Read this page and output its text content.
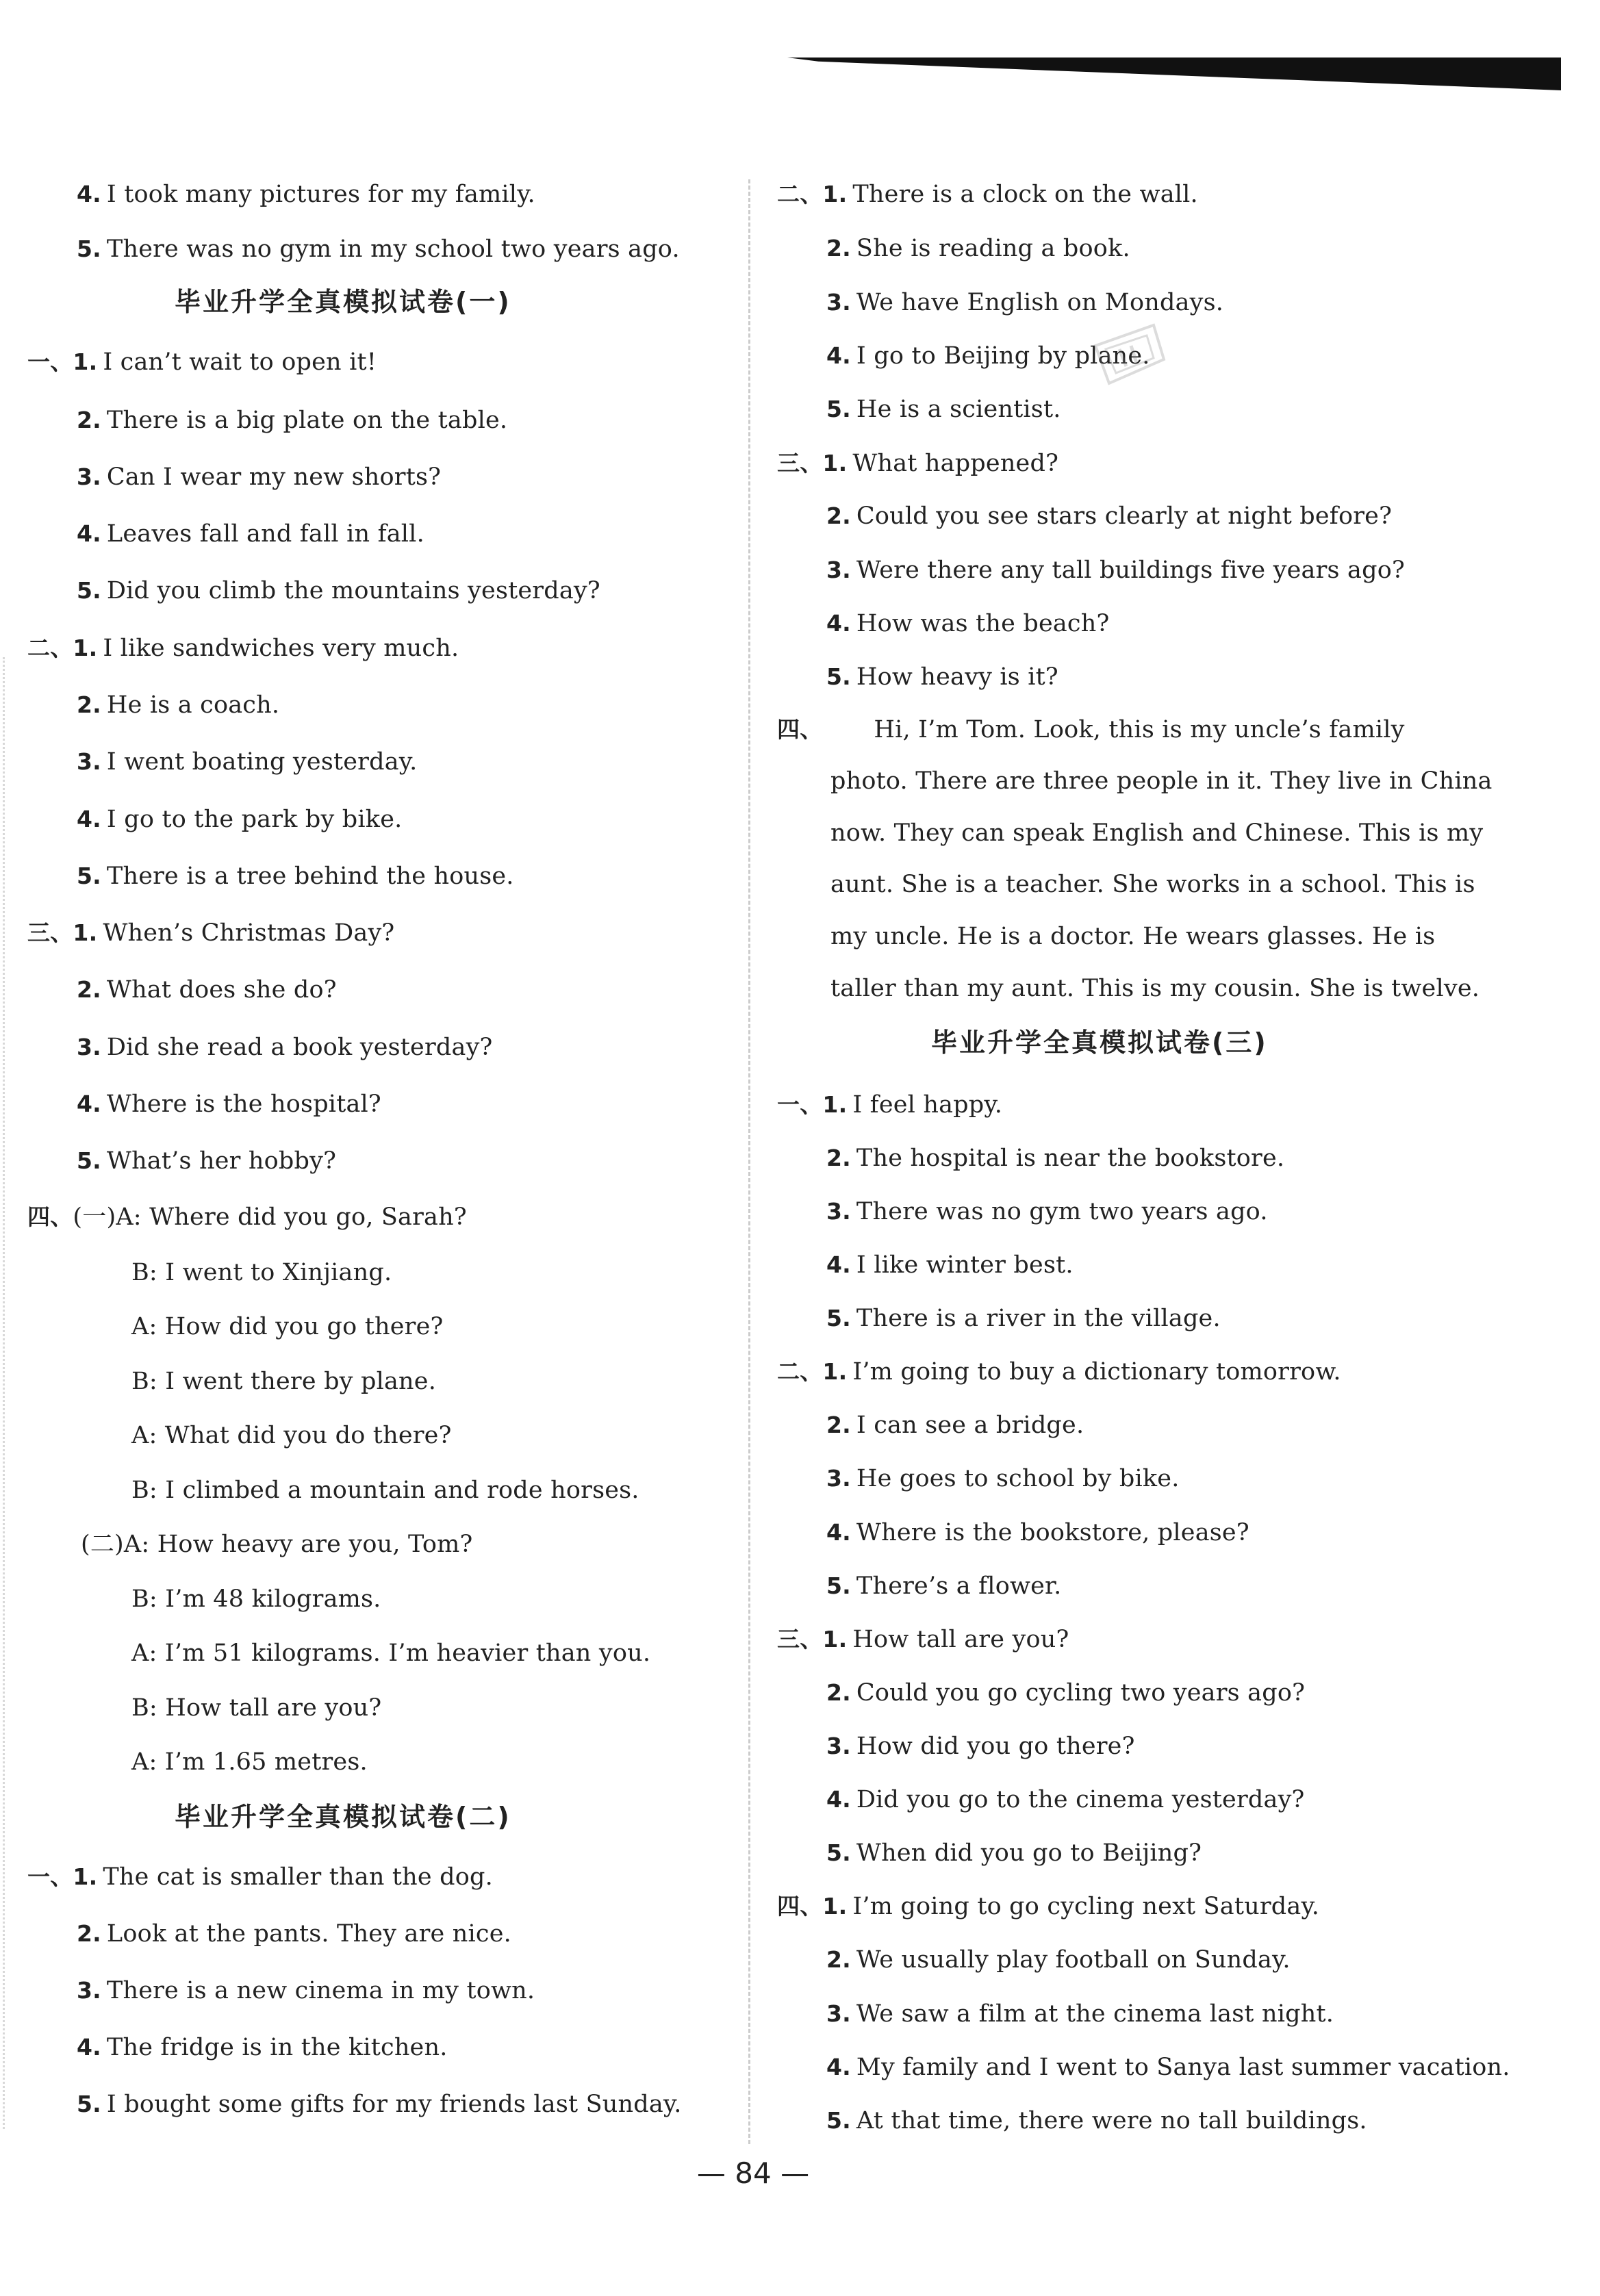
4. I took many pictures for my family.
5. There was no gym in my school two years ago.
毕业升学全真模拟试卷(一)
一、1. I can’t wait to open it!
2. There is a big plate on the table.
3. Can I wear my new shorts?
4. Leaves fall and fall in fall.
5. Did you climb the mountains yesterday?
二、1. I like sandwiches very much.
2. He is a coach.
3. I went boating yesterday.
4. I go to the park by bike.
5. There is a tree behind the house.
三、1. When’s Christmas Day?
2. What does she do?
3. Did she read a book yesterday?
4. Where is the hospital?
5. What’s her hobby?
四、(一)A: Where did you go, Sarah?
B: I went to Xinjiang.
A: How did you go there?
B: I went there by plane.
A: What did you do there?
B: I climbed a mountain and rode horses.
(二)A: How heavy are you, Tom?
B: I’m 48 kilograms.
A: I’m 51 kilograms. I’m heavier than you.
B: How tall are you?
A: I’m 1.65 metres.
毕业升学全真模拟试卷(二)
一、1. The cat is smaller than the dog.
2. Look at the pants. They are nice.
3. There is a new cinema in my town.
4. The fridge is in the kitchen.
5. I bought some gifts for my friends last Sunday.
二、1. There is a clock on the wall.
2. She is reading a book.
3. We have English on Mondays.
4. I go to Beijing by plane.
5. He is a scientist.
三、1. What happened?
2. Could you see stars clearly at night before?
3. Were there any tall buildings five years ago?
4. How was the beach?
5. How heavy is it?
四、 Hi, I’m Tom. Look, this is my uncle’s family
photo. There are three people in it. They live in China
now. They can speak English and Chinese. This is my
aunt. She is a teacher. She works in a school. This is
my uncle. He is a doctor. He wears glasses. He is
taller than my aunt. This is my cousin. She is twelve.
毕业升学全真模拟试卷(三)
一、1. I feel happy.
2. The hospital is near the bookstore.
3. There was no gym two years ago.
4. I like winter best.
5. There is a river in the village.
二、1. I’m going to buy a dictionary tomorrow.
2. I can see a bridge.
3. He goes to school by bike.
4. Where is the bookstore, please?
5. There’s a flower.
三、1. How tall are you?
2. Could you go cycling two years ago?
3. How did you go there?
4. Did you go to the cinema yesterday?
5. When did you go to Beijing?
四、1. I’m going to go cycling next Saturday.
2. We usually play football on Sunday.
3. We saw a film at the cinema last night.
4. My family and I went to Sanya last summer vacation.
5. At that time, there were no tall buildings.
— 84 —
